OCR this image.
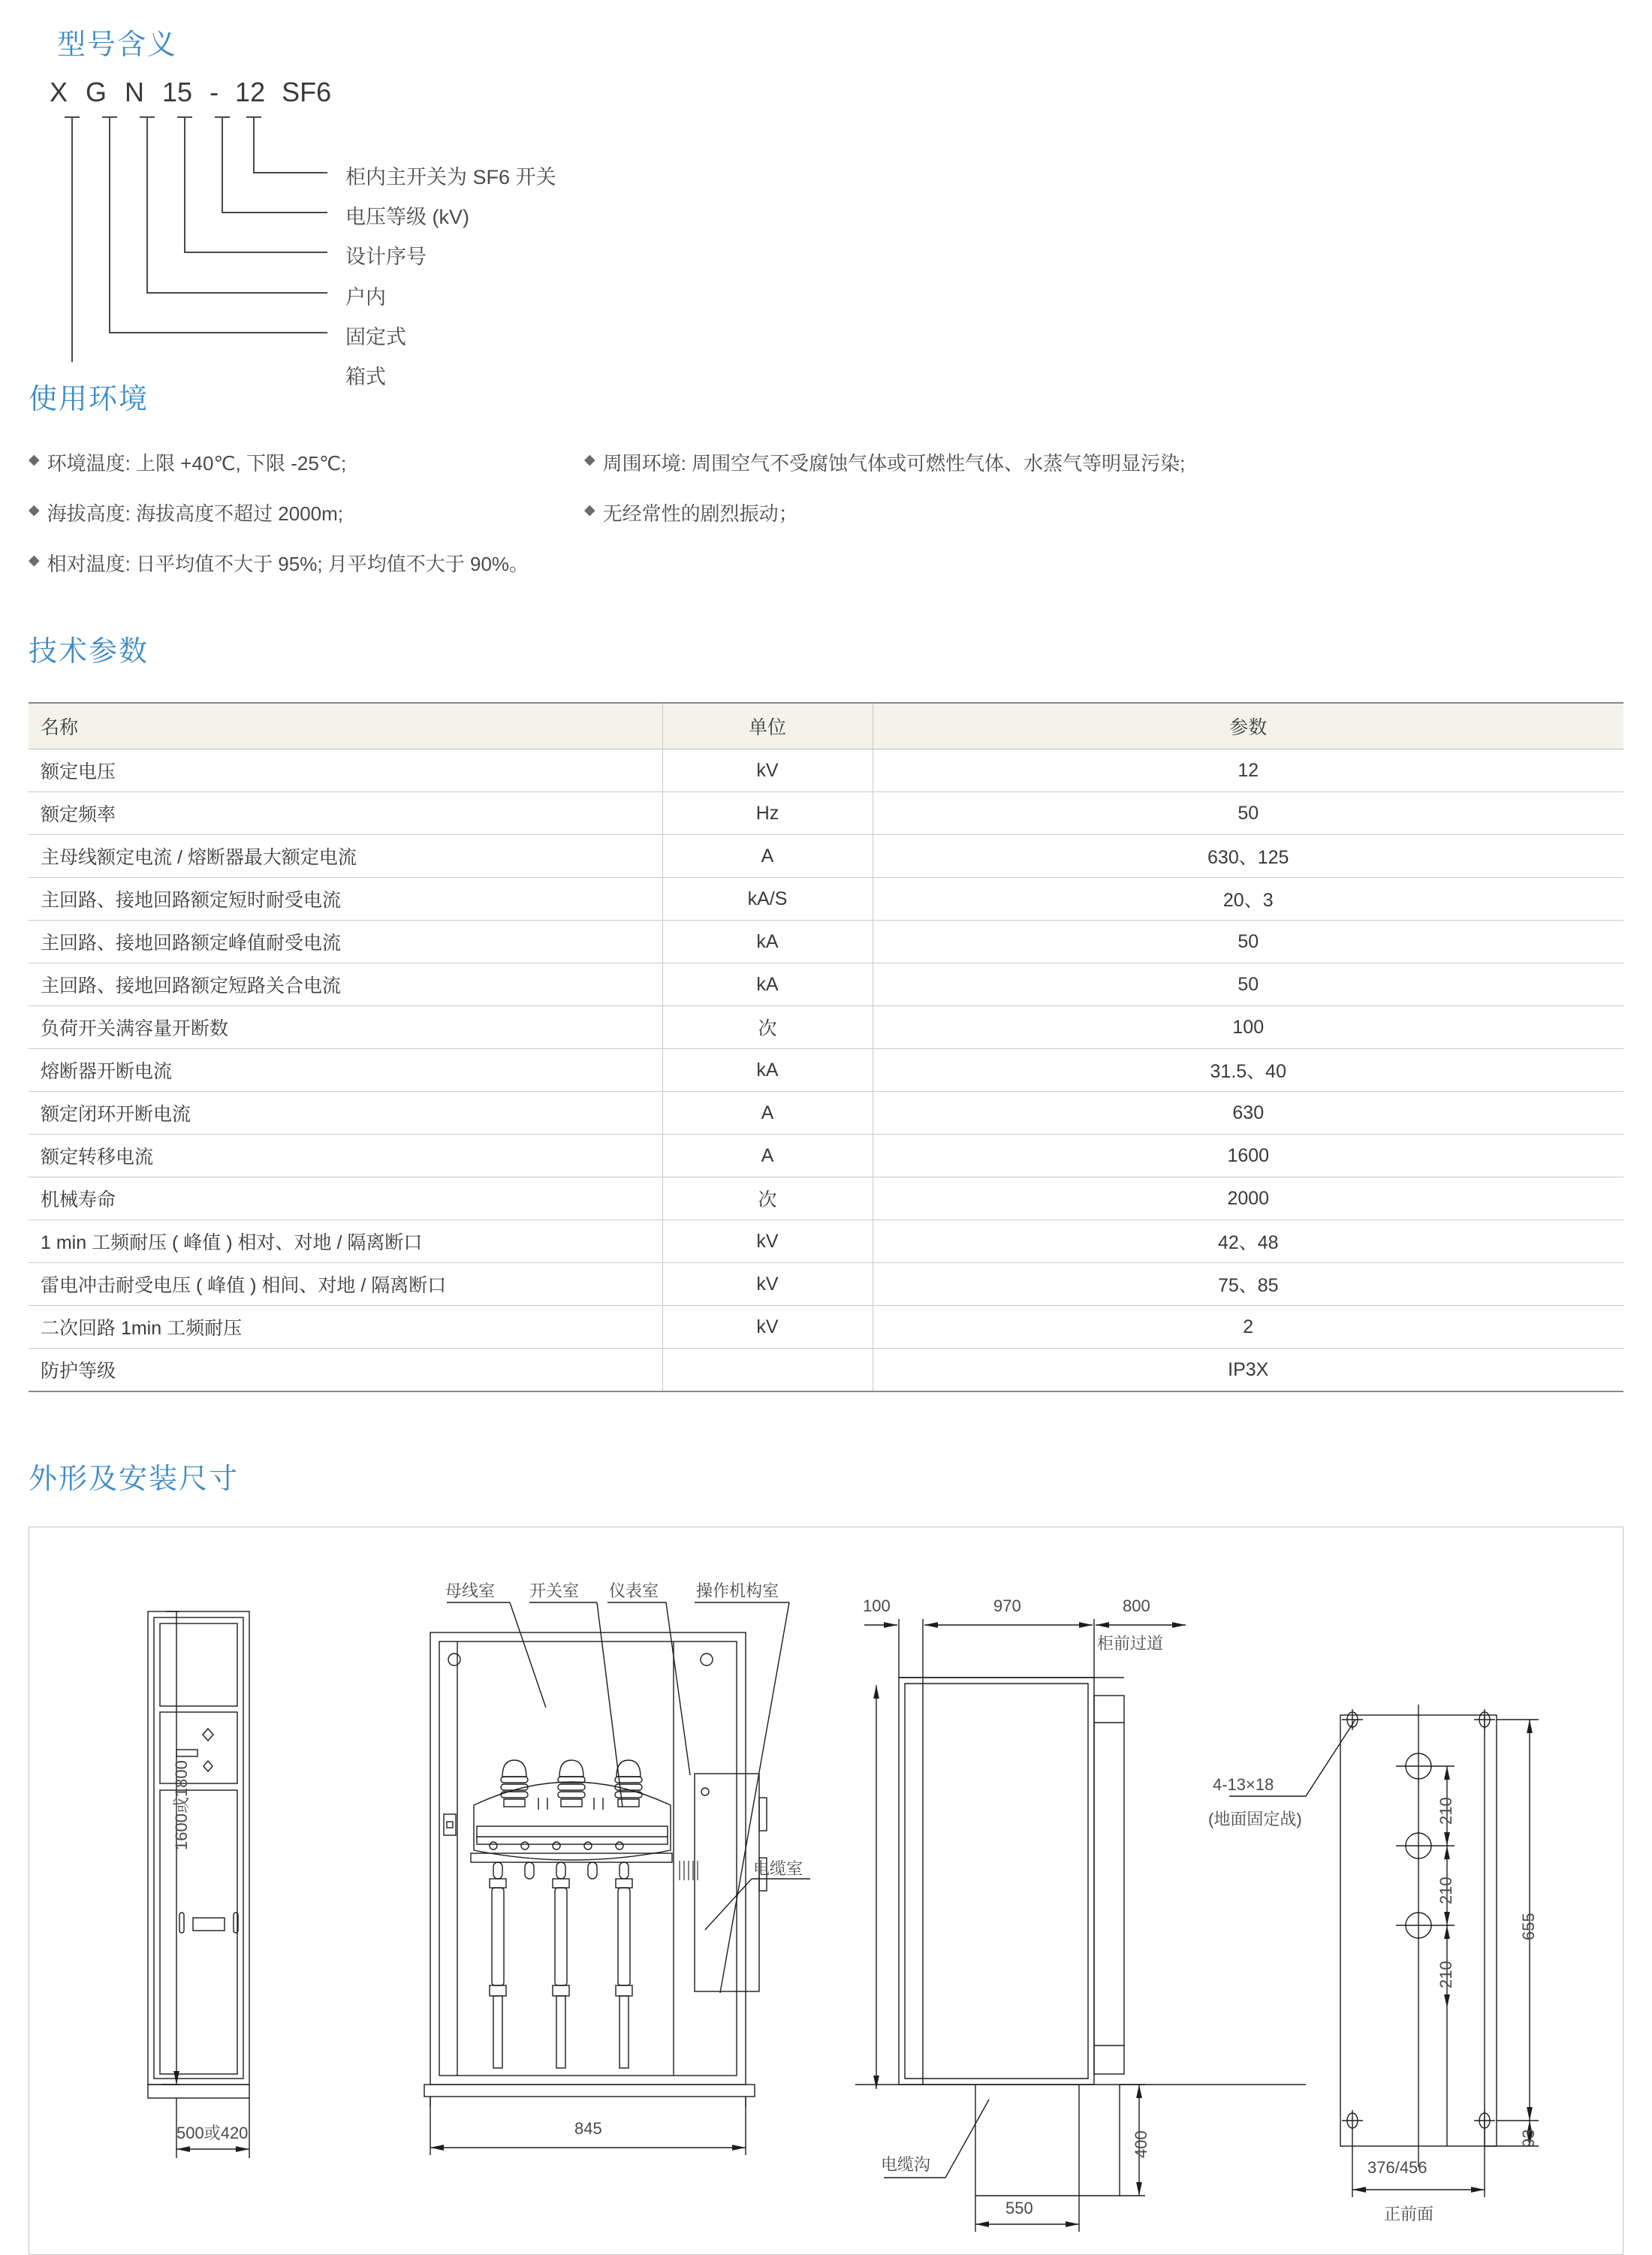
型号含义
X G N 15 - 12 SF6
柜内主开关为 SF6 开关
电压等级 (kV)
设计序号
户内
固定式
箱式
使用环境
◆ 环境温度: 上限 +40℃, 下限 -25℃;	◆ 周围环境: 周围空气不受腐蚀气体或可燃性气体、水蒸气等明显污染;
◆ 海拔高度: 海拔高度不超过 2000m;	◆ 无经常性的剧烈振动；
◆ 相对温度: 日平均值不大于 95%; 月平均值不大于 90%。
技术参数
名称	单位	参数
额定电压	kV	12
额定频率	Hz	50
主母线额定电流 / 熔断器最大额定电流	A	630、125
主回路、接地回路额定短时耐受电流	kA/S	20、3
主回路、接地回路额定峰值耐受电流	kA	50
主回路、接地回路额定短路关合电流	kA	50
负荷开关满容量开断数	次	100
熔断器开断电流	kA	31.5、40
额定闭环开断电流	A	630
额定转移电流	A	1600
机械寿命	次	2000
1 min 工频耐压 ( 峰值 ) 相对、对地 / 隔离断口	kV	42、48
雷电冲击耐受电压 ( 峰值 ) 相间、对地 / 隔离断口	kV	75、85
二次回路 1min 工频耐压	kV	2
防护等级		IP3X
外形及安装尺寸
1600或1800
500或420
母线室 开关室 仪表室 操作机构室
电缆室
845
100	970	800
柜前过道
电缆沟
550
400
4-13×18
(地面固定战)	210
210
210
655
376/456
93
正前面
